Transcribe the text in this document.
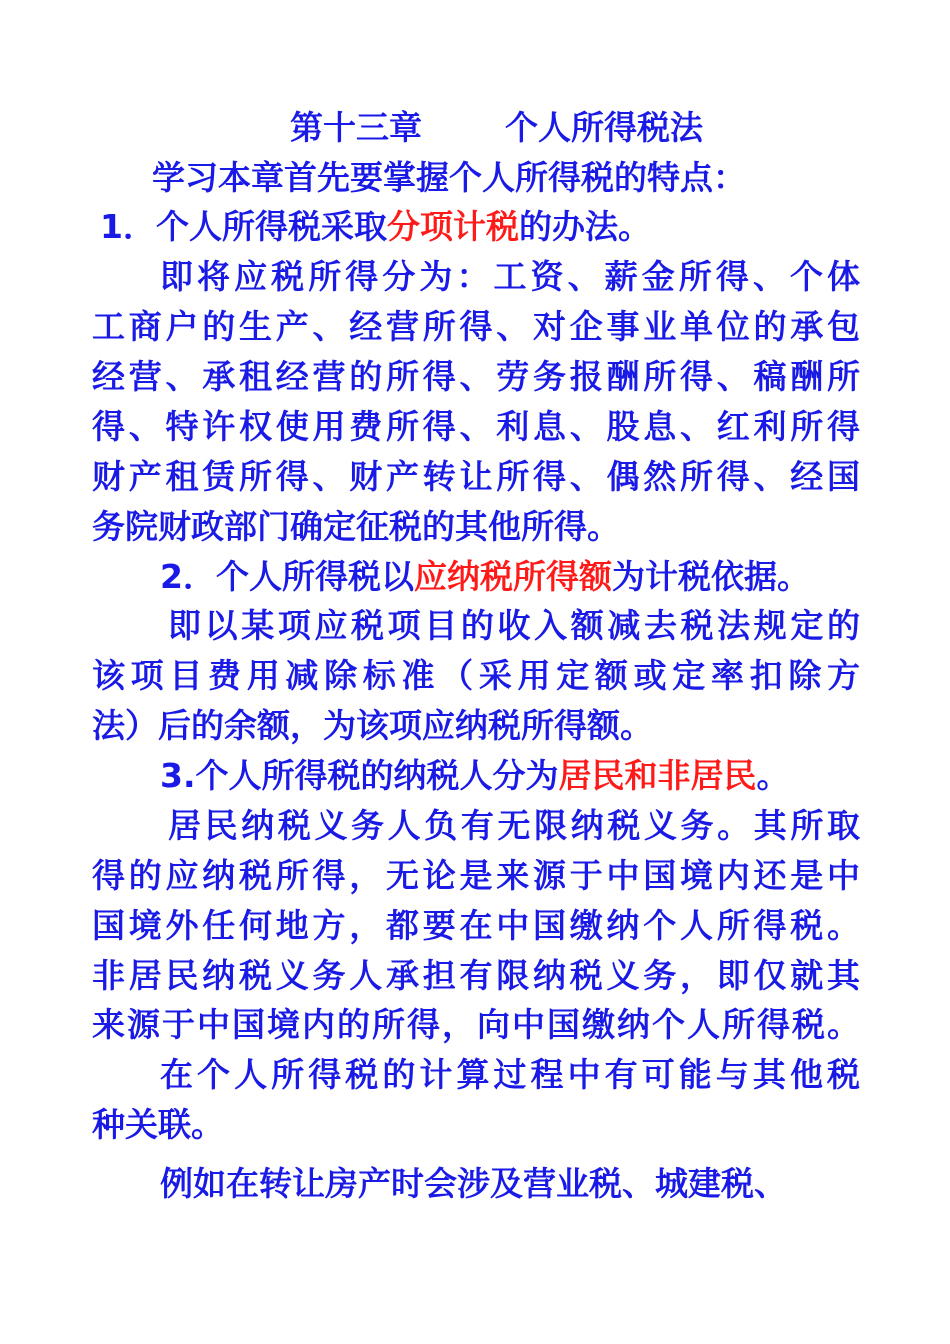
第十三章	个人所得税法
学习本章首先要掌握个人所得税的特点：
1．个人所得税采取分项计税的办法。
即将应税所得分为：工资、薪金所得、个体
工商户的生产、经营所得、对企事业单位的承包
经营、承租经营的所得、劳务报酬所得、稿酬所
得、特许权使用费所得、利息、股息、红利所得
财产租赁所得、财产转让所得、偶然所得、经国
务院财政部门确定征税的其他所得。
2．个人所得税以应纳税所得额为计税依据。
即以某项应税项目的收入额减去税法规定的
该项目费用减除标准（采用定额或定率扣除方
法）后的余额，为该项应纳税所得额。
3.个人所得税的纳税人分为居民和非居民。
居民纳税义务人负有无限纳税义务。其所取
得的应纳税所得，无论是来源于中国境内还是中
国境外任何地方，都要在中国缴纳个人所得税。
非居民纳税义务人承担有限纳税义务，即仅就其
来源于中国境内的所得，向中国缴纳个人所得税。
在个人所得税的计算过程中有可能与其他税
种关联。
例如在转让房产时会涉及营业税、城建税、
